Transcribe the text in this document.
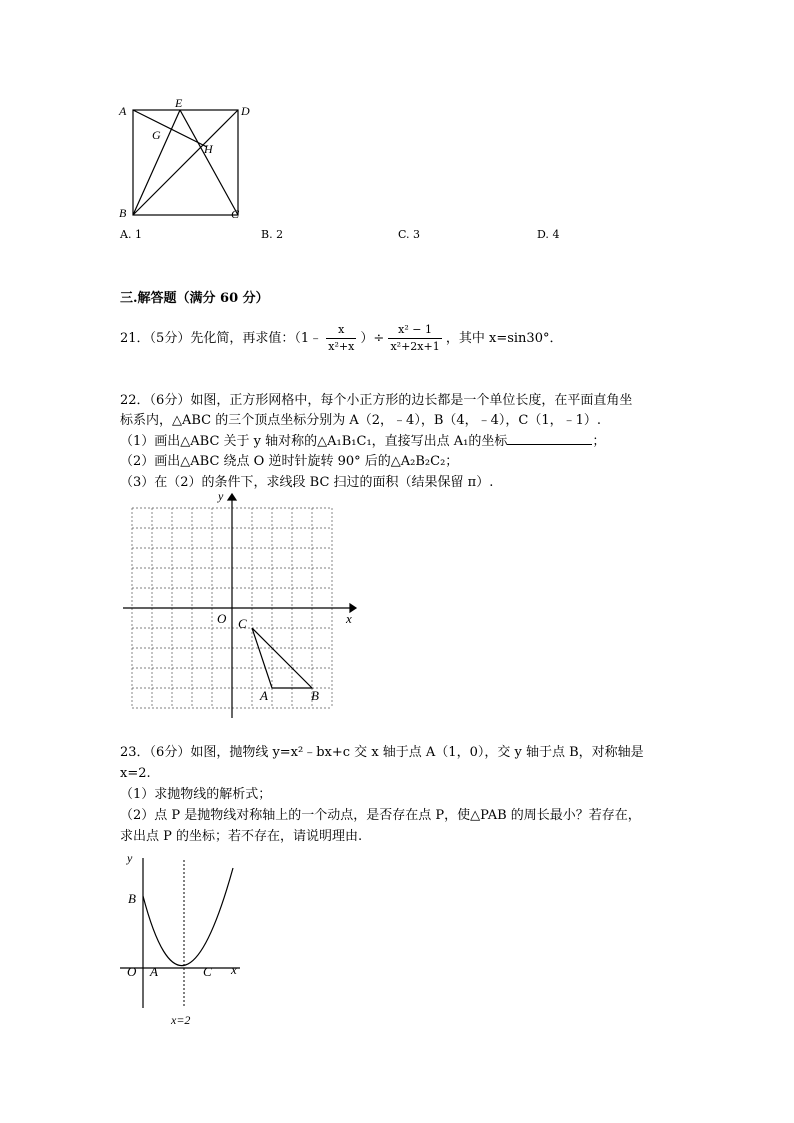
A
E
D
G
H
B	C
A. 1	B. 2	C. 3	D. 4
三.解答题（满分 60 分）
21．（5分）先化简，再求值：（1﹣ $\frac{x}{\text{x²+x}}$ ）÷ $\frac{\text{x² − 1}}{\text{x²+2x+1}}$ ，其中 x=sin30°．
22．（6分）如图，正方形网格中，每个小正方形的边长都是一个单位长度，在平面直角坐
标系内，△ABC 的三个顶点坐标分别为 A（2，﹣4），B（4，﹣4），C（1，﹣1）.
（1）画出△ABC 关于 y 轴对称的△A₁B₁C₁，直接写出点 A₁的坐标	；
（2）画出△ABC 绕点 O 逆时针旋转 90° 后的△A₂B₂C₂；
（3）在（2）的条件下，求线段 BC 扫过的面积（结果保留 π）.
y
x
O C
A	B
23．（6分）如图，抛物线 y=x²﹣bx+c 交 x 轴于点 A（1，0），交 y 轴于点 B，对称轴是
x=2.
（1）求抛物线的解析式；
（2）点 P 是抛物线对称轴上的一个动点，是否存在点 P，使△PAB 的周长最小？若存在，
求出点 P 的坐标；若不存在，请说明理由.
y
B
O A	C x
x=2
